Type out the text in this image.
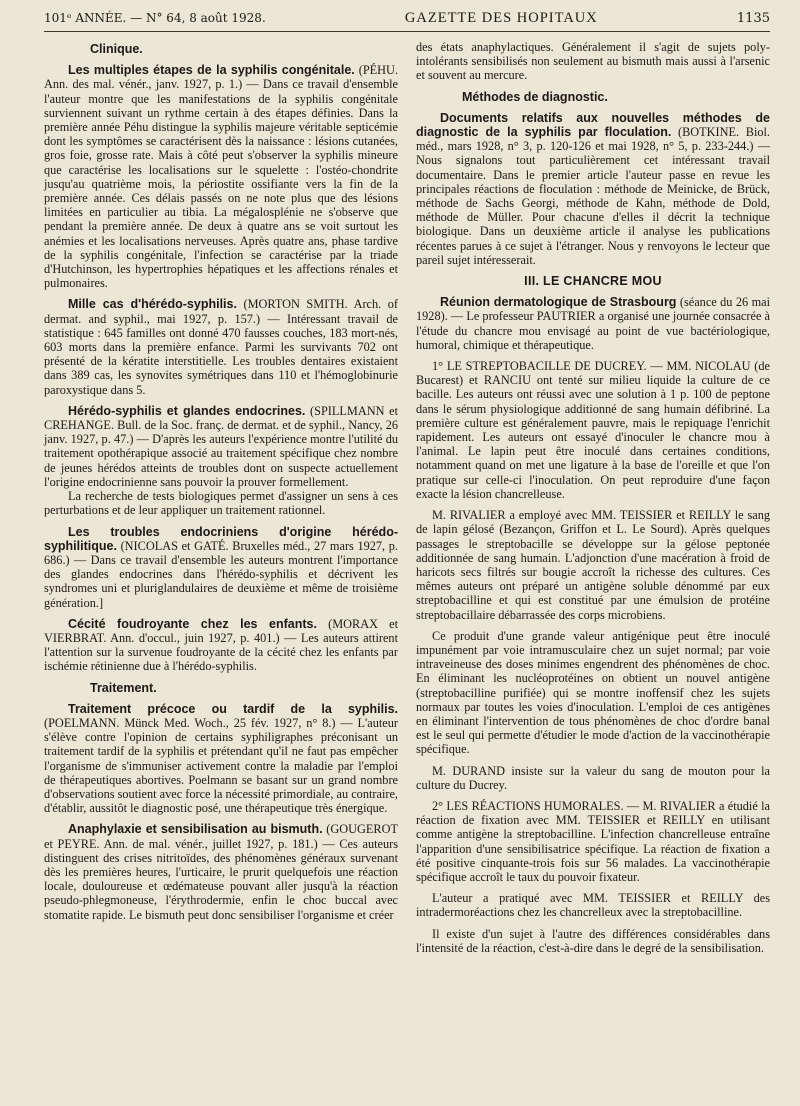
101ᵉ ANNÉE. — N° 64, 8 août 1928.	GAZETTE DES HOPITAUX	1135
Clinique.
Les multiples étapes de la syphilis congénitale. (PÉHU. Ann. des mal. vénér., janv. 1927, p. 1.) — Dans ce travail d'ensemble l'auteur montre que les manifestations de la syphilis congénitale surviennent suivant un rythme certain à des étapes définies. Dans la première année Péhu distingue la syphilis majeure véritable septicémie dont les symptômes se caractérisent dès la naissance : lésions cutanées, gros foie, grosse rate. Mais à côté peut s'observer la syphilis mineure que caractérise les localisations sur le squelette : l'ostéo-chondrite jusqu'au quatrième mois, la périostite ossifiante vers la fin de la première année. Ces délais passés on ne note plus que des lésions limitées en particulier au tibia. La mégalosplénie ne s'observe que pendant la première année. De deux à quatre ans se voit surtout les anémies et les localisations nerveuses. Après quatre ans, phase tardive de la syphilis congénitale, l'infection se caractérise par la triade d'Hutchinson, les hypertrophies hépatiques et les affections rénales et pulmonaires.
Mille cas d'hérédo-syphilis. (MORTON SMITH. Arch. of dermat. and syphil., mai 1927, p. 157.) — Intéressant travail de statistique : 645 familles ont donné 470 fausses couches, 183 mort-nés, 603 morts dans la première enfance. Parmi les survivants 702 ont présenté de la kératite interstitielle. Les troubles dentaires existaient dans 389 cas, les synovites symétriques dans 110 et l'hémoglobinurie paroxystique dans 5.

Hérédo-syphilis et glandes endocrines. (SPILLMANN et CREHANGE. Bull. de la Soc. franç. de dermat. et de syphil., Nancy, 26 janv. 1927, p. 47.) — D'après les auteurs l'expérience montre l'utilité du traitement opothérapique associé au traitement spécifique chez nombre de jeunes hérédos atteints de troubles dont on suspecte actuellement l'origine endocrinienne sans pouvoir la prouver formellement.

La recherche de tests biologiques permet d'assigner un sens à ces perturbations et de leur appliquer un traitement rationnel.

Les troubles endocriniens d'origine hérédo-syphilitique. (NICOLAS et GATÉ. Bruxelles méd., 27 mars 1927, p. 686.) — Dans ce travail d'ensemble les auteurs montrent l'importance des glandes endocrines dans l'hérédo-syphilis et décrivent les syndromes uni et pluriglandulaires de deuxième et même de troisième génération.]
Cécité foudroyante chez les enfants. (MORAX et VIERBRAT. Ann. d'occul., juin 1927, p. 401.) — Les auteurs attirent l'attention sur la survenue foudroyante de la cécité chez les enfants par ischémie rétinienne due à l'hérédo-syphilis.
Traitement.
Traitement précoce ou tardif de la syphilis. (POELMANN. Münck Med. Woch., 25 fév. 1927, n° 8.) — L'auteur s'élève contre l'opinion de certains syphiligraphes préconisant un traitement tardif de la syphilis et prétendant qu'il ne faut pas empêcher l'organisme de s'immuniser activement contre la maladie par l'emploi de thérapeutiques abortives. Poelmann se basant sur un grand nombre d'observations soutient avec force la nécessité primordiale, au contraire, d'établir, aussitôt le diagnostic posé, une thérapeutique très énergique.
Anaphylaxie et sensibilisation au bismuth. (GOUGEROT et PEYRE. Ann. de mal. vénér., juillet 1927, p. 181.) — Ces auteurs distinguent des crises nitritoïdes, des phénomènes généraux survenant dès les premières heures, l'urticaire, le prurit quelquefois une réaction locale, douloureuse et œdémateuse pouvant aller jusqu'à la réaction pseudo-phlegmoneuse, l'érythrodermie, enfin le choc buccal avec stomatite rapide. Le bismuth peut donc sensibiliser l'organisme et créer

des états anaphylactiques. Généralement il s'agit de sujets poly-intolérants sensibilisés non seulement au bismuth mais aussi à l'arsenic et souvent au mercure.

Méthodes de diagnostic.
Documents relatifs aux nouvelles méthodes de diagnostic de la syphilis par floculation. (BOTKINE. Biol. méd., mars 1928, n° 3, p. 120-126 et mai 1928, n° 5, p. 233-244.) — Nous signalons tout particulièrement cet intéressant travail documentaire. Dans le premier article l'auteur passe en revue les principales réactions de floculation : méthode de Meinicke, de Brück, méthode de Sachs Georgi, méthode de Kahn, méthode de Dold, méthode de Müller. Pour chacune d'elles il décrit la technique biologique. Dans un deuxième article il analyse les publications récentes parues à ce sujet à l'étranger. Nous y renvoyons le lecteur que pareil sujet intéresserait.
III. LE CHANCRE MOU
Réunion dermatologique de Strasbourg (séance du 26 mai 1928). — Le professeur PAUTRIER a organisé une journée consacrée à l'étude du chancre mou envisagé au point de vue bactériologique, humoral, chimique et thérapeutique.

1° LE STREPTOBACILLE DE DUCREY. — MM. NICOLAU (de Bucarest) et RANCIU ont tenté sur milieu liquide la culture de ce bacille. Les auteurs ont réussi avec une solution à 1 p. 100 de peptone dans le sérum physiologique additionné de sang humain défibriné. La première culture est généralement pauvre, mais le repiquage l'enrichit rapidement. Les auteurs ont essayé d'inoculer le chancre mou à l'animal. Le lapin peut être inoculé dans certaines conditions, notamment quand on met une ligature à la base de l'oreille et que l'on pratique sur celle-ci l'inoculation. On peut reproduire d'une façon exacte la lésion chancrelleuse.

M. RIVALIER a employé avec MM. TEISSIER et REILLY le sang de lapin gélosé (Bezançon, Griffon et L. Le Sourd). Après quelques passages le streptobacille se développe sur la gélose peptonée additionnée de sang humain. L'adjonction d'une macération à froid de haricots secs filtrés sur bougie accroît la richesse des cultures. Ces mêmes auteurs ont préparé un antigène soluble dénommé par eux streptobacilline et qui est constitué par une émulsion de protéine streptobacillaire débarrassée des corps microbiens.

Ce produit d'une grande valeur antigénique peut être inoculé impunément par voie intramusculaire chez un sujet normal; par voie intraveineuse des doses minimes engendrent des phénomènes de choc. En éliminant les nucléoprotéines on obtient un nouvel antigène (streptobacilline purifiée) qui se montre inoffensif chez les sujets normaux par toutes les voies d'inoculation. L'emploi de ces antigènes en éliminant l'intervention de tous phénomènes de choc d'ordre banal est le seul qui permette d'étudier le mode d'action de la vaccinothérapie spécifique.

M. DURAND insiste sur la valeur du sang de mouton pour la culture du Ducrey.

2° LES RÉACTIONS HUMORALES. — M. RIVALIER a étudié la réaction de fixation avec MM. TEISSIER et REILLY en utilisant comme antigène la streptobacilline. L'infection chancrelleuse entraîne l'apparition d'une sensibilisatrice spécifique. La réaction de fixation a été positive cinquante-trois fois sur 56 malades. La vaccinothérapie spécifique accroît le taux du pouvoir fixateur.

L'auteur a pratiqué avec MM. TEISSIER et REILLY des intradermoréactions chez les chancrelleux avec la streptobacilline.

Il existe d'un sujet à l'autre des différences considérables dans l'intensité de la réaction, c'est-à-dire dans le degré de la sensibilisation.
